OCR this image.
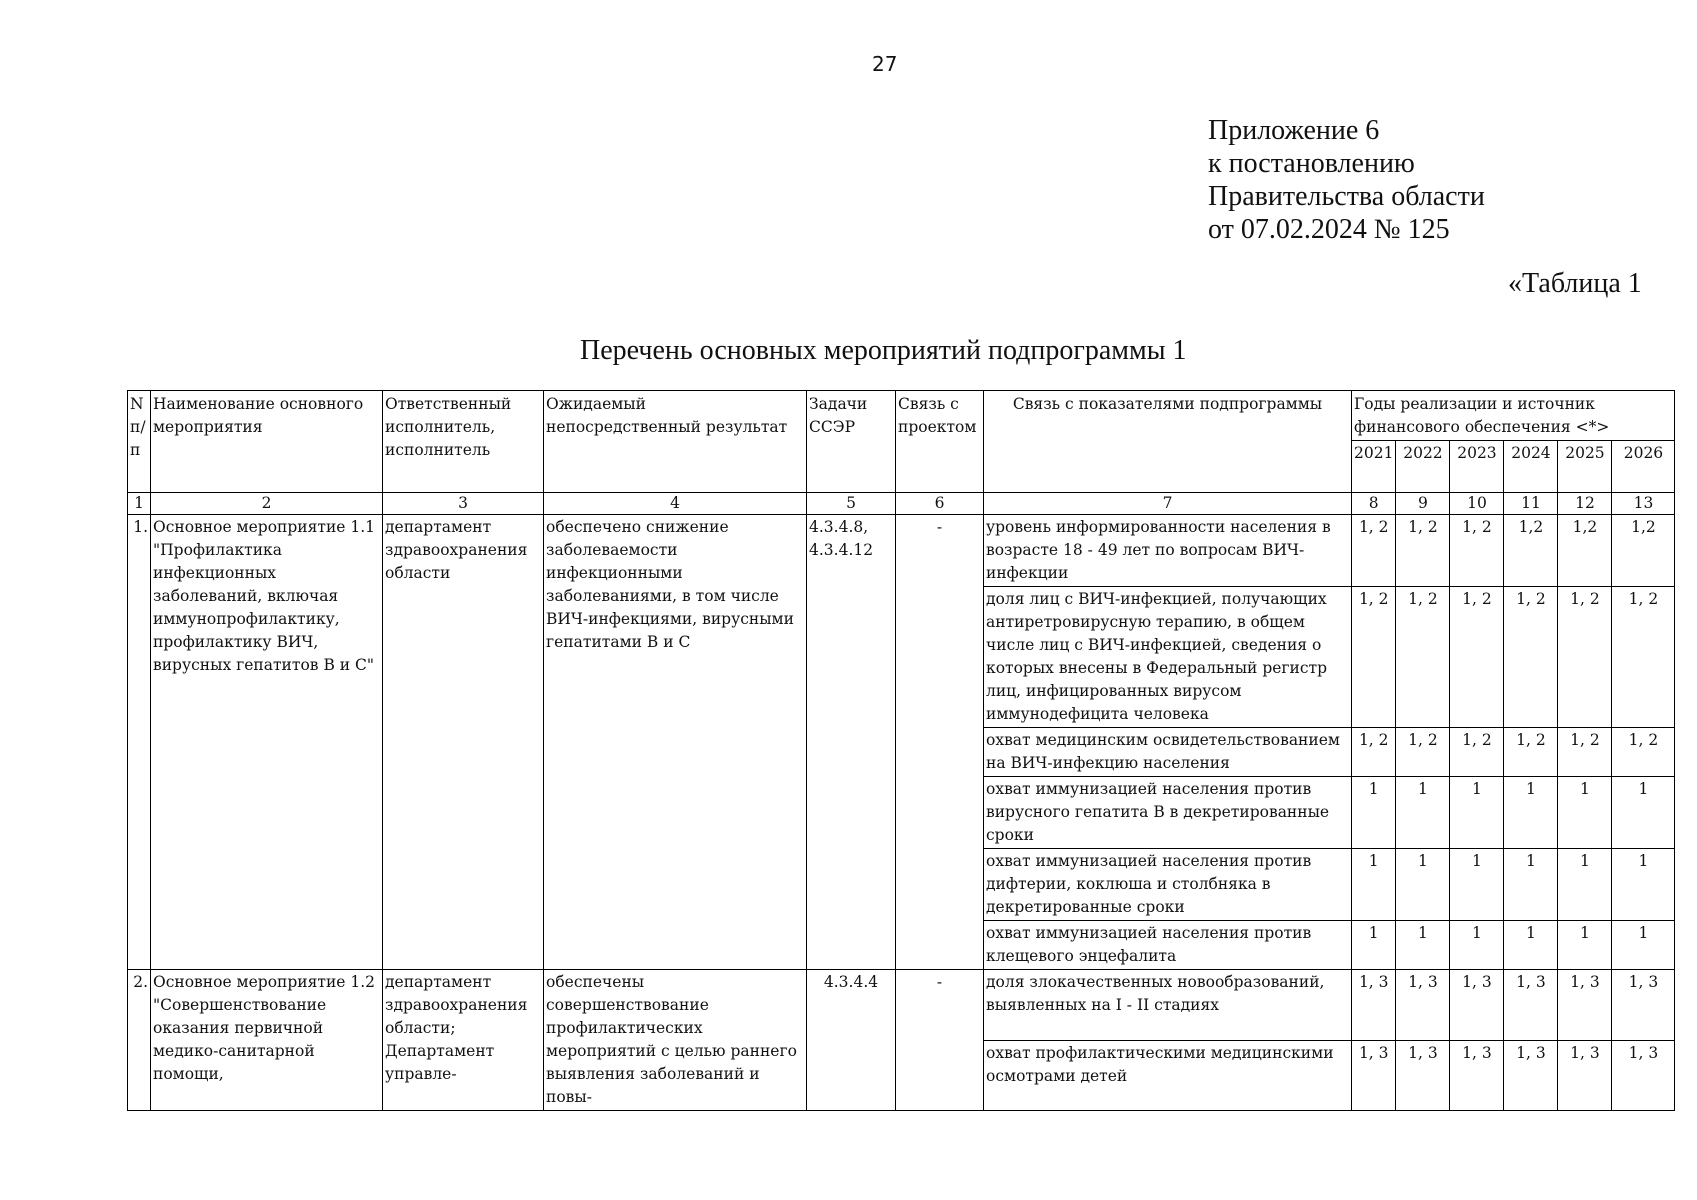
27
Приложение 6
к постановлению
Правительства области
от 07.02.2024 № 125
«Таблица 1
Перечень основных мероприятий подпрограммы 1
N п/п	Наименование основного мероприятия	Ответственный исполнитель, исполнитель	Ожидаемый непосредственный результат	Задачи ССЭР	Связь с проектом	Связь с показателями подпрограммы	Годы реализации и источник финансового обеспечения <*>					
							2021	2022	2023	2024	2025	2026
1	2	3	4	5	6	7	8	9	10	11	12	13
1.	Основное мероприятие 1.1 "Профилактика инфекционных заболеваний, включая иммунопрофилактику, профилактику ВИЧ, вирусных гепатитов В и С"	департамент здравоохранения области	обеспечено снижение заболеваемости инфекционными заболеваниями, в том числе ВИЧ-инфекциями, вирусными гепатитами В и С	4.3.4.8, 4.3.4.12	-	уровень информированности населения в возрасте 18 - 49 лет по вопросам ВИЧ-инфекции	1, 2	1, 2	1, 2	1,2	1,2	1,2
						доля лиц с ВИЧ-инфекцией, получающих антиретровирусную терапию, в общем числе лиц с ВИЧ-инфекцией, сведения о которых внесены в Федеральный регистр лиц, инфицированных вирусом иммунодефицита человека	1, 2	1, 2	1, 2	1, 2	1, 2	1, 2
						охват медицинским освидетельствованием на ВИЧ-инфекцию населения	1, 2	1, 2	1, 2	1, 2	1, 2	1, 2
						охват иммунизацией населения против вирусного гепатита В в декретированные сроки	1	1	1	1	1	1
						охват иммунизацией населения против дифтерии, коклюша и столбняка в декретированные сроки	1	1	1	1	1	1
						охват иммунизацией населения против клещевого энцефалита	1	1	1	1	1	1
2.	Основное мероприятие 1.2 "Совершенствование оказания первичной медико-санитарной помощи,	департамент здравоохранения области; Департамент управле-	обеспечены совершенствование профилактических мероприятий с целью раннего выявления заболеваний и повы-	4.3.4.4	-	доля злокачественных новообразований, выявленных на I - II стадиях	1, 3	1, 3	1, 3	1, 3	1, 3	1, 3
						охват профилактическими медицинскими осмотрами детей	1, 3	1, 3	1, 3	1, 3	1, 3	1, 3
